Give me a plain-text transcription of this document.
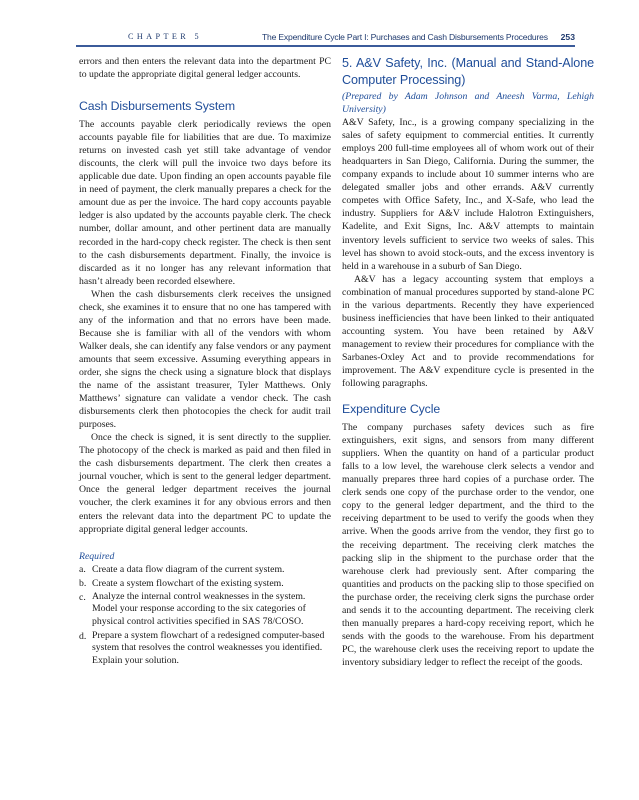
CHAPTER 5	The Expenditure Cycle Part I: Purchases and Cash Disbursements Procedures 253

errors and then enters the relevant data into the department PC to update the appropriate digital general ledger accounts.

Cash Disbursements System

The accounts payable clerk periodically reviews the open accounts payable file for liabilities that are due. To maximize returns on invested cash yet still take advantage of vendor discounts, the clerk will pull the invoice two days before its applicable due date. Upon finding an open accounts payable file in need of payment, the clerk manually prepares a check for the amount due as per the invoice. The hard copy accounts payable ledger is also updated by the accounts payable clerk. The check number, dollar amount, and other pertinent data are manually recorded in the hard-copy check register. The check is then sent to the cash disbursements department. Finally, the invoice is discarded as it no longer has any relevant information that hasn’t already been recorded elsewhere.

When the cash disbursements clerk receives the unsigned check, she examines it to ensure that no one has tampered with any of the information and that no errors have been made. Because she is familiar with all of the vendors with whom Walker deals, she can identify any false vendors or any payment amounts that seem excessive. Assuming everything appears in order, she signs the check using a signature block that displays the name of the assistant treasurer, Tyler Matthews. Only Matthews’ signature can validate a vendor check. The cash disbursements clerk then photocopies the check for audit trail purposes.

Once the check is signed, it is sent directly to the supplier. The photocopy of the check is marked as paid and then filed in the cash disbursements department. The clerk then creates a journal voucher, which is sent to the general ledger department. Once the general ledger department receives the journal voucher, the clerk examines it for any obvious errors and then enters the relevant data into the department PC to update the appropriate digital general ledger accounts.

Required

a. Create a data flow diagram of the current system.
b. Create a system flowchart of the existing system.
c. Analyze the internal control weaknesses in the system. Model your response according to the six categories of physical control activities specified in SAS 78/COSO.
d. Prepare a system flowchart of a redesigned computer-based system that resolves the control weaknesses you identified. Explain your solution.
5. A&V Safety, Inc. (Manual and Stand-Alone Computer Processing)

(Prepared by Adam Johnson and Aneesh Varma, Lehigh University)

A&V Safety, Inc., is a growing company specializing in the sales of safety equipment to commercial entities. It currently employs 200 full-time employees all of whom work out of their headquarters in San Diego, California. During the summer, the company expands to include about 10 summer interns who are delegated smaller jobs and other errands. A&V currently competes with Office Safety, Inc., and X-Safe, who lead the industry. Suppliers for A&V include Halotron Extinguishers, Kadelite, and Exit Signs, Inc. A&V attempts to maintain inventory levels sufficient to service two weeks of sales. This level has shown to avoid stock-outs, and the excess inventory is held in a warehouse in a suburb of San Diego.

A&V has a legacy accounting system that employs a combination of manual procedures supported by stand-alone PC in the various departments. Recently they have experienced business inefficiencies that have been linked to their antiquated accounting system. You have been retained by A&V management to review their procedures for compliance with the Sarbanes-Oxley Act and to provide recommendations for improvement. The A&V expenditure cycle is presented in the following paragraphs.

Expenditure Cycle

The company purchases safety devices such as fire extinguishers, exit signs, and sensors from many different suppliers. When the quantity on hand of a particular product falls to a low level, the warehouse clerk selects a vendor and manually prepares three hard copies of a purchase order. The clerk sends one copy of the purchase order to the vendor, one copy to the general ledger department, and the third to the receiving department to be used to verify the goods when they arrive. When the goods arrive from the vendor, they first go to the receiving department. The receiving clerk matches the packing slip in the shipment to the purchase order that the warehouse clerk had previously sent. After comparing the quantities and products on the packing slip to those specified on the purchase order, the receiving clerk signs the purchase order and sends it to the accounting department. The receiving clerk then manually prepares a hard-copy receiving report, which he sends with the goods to the warehouse. From his department PC, the warehouse clerk uses the receiving report to update the inventory subsidiary ledger to reflect the receipt of the goods.
